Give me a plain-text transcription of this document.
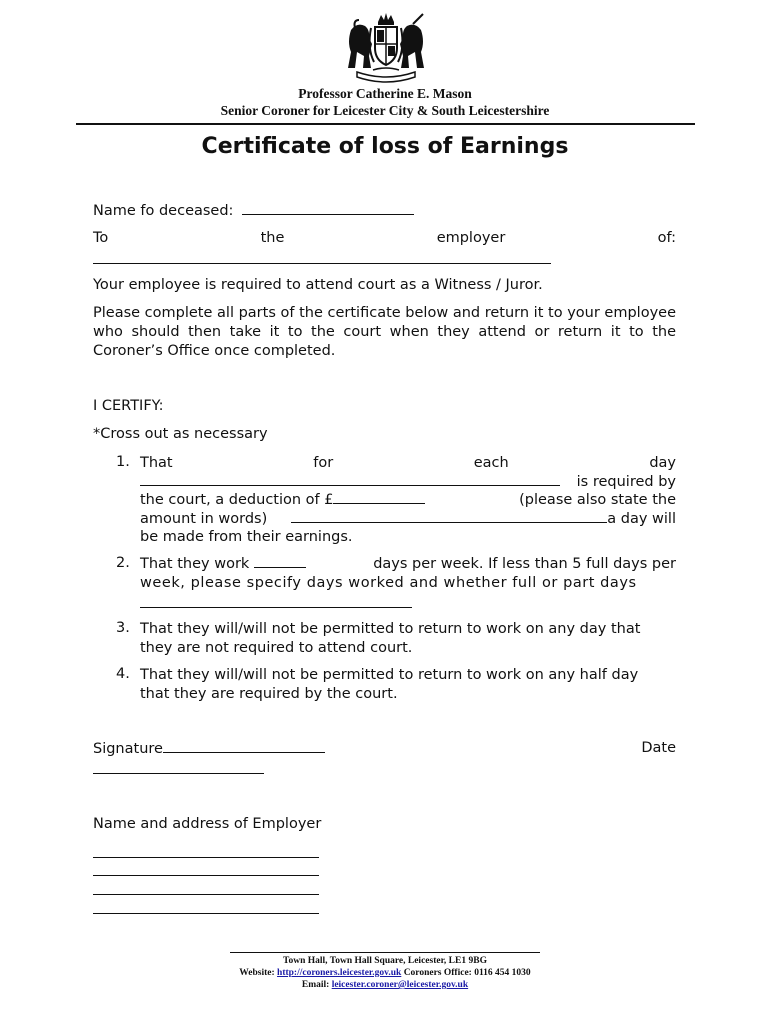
Professor Catherine E. Mason
Senior Coroner for Leicester City & South Leicestershire
Certificate of loss of Earnings
Name fo deceased:
To	the	employer	of:
Your employee is required to attend court as a Witness / Juror.
Please complete all parts of the certificate below and return it to your employee who should then take it to the court when they attend or return it to the Coroner’s Office once completed.
I CERTIFY:
*Cross out as necessary
1. That	for	each	day
is required by
the court, a deduction of £	(please also state the
amount in words)	a day will
be made from their earnings.
2. That they work	days per week. If less than 5 full days per
week, please specify days worked and whether full or part days
3. That they will/will not be permitted to return to work on any day that
they are not required to attend court.
4. That they will/will not be permitted to return to work on any half day
that they are required by the court.
Signature	Date
Name and address of Employer
Town Hall, Town Hall Square, Leicester, LE1 9BG
Website: http://coroners.leicester.gov.uk Coroners Office: 0116 454 1030
Email: leicester.coroner@leicester.gov.uk
